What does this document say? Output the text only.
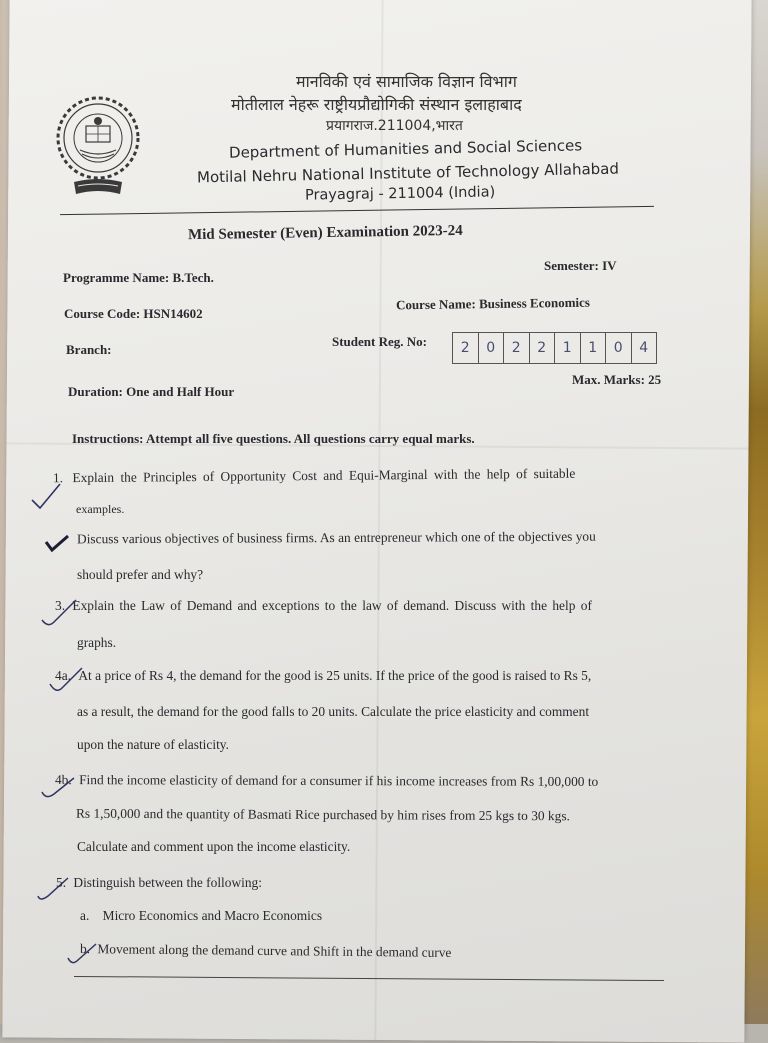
मानविकी एवं सामाजिक विज्ञान विभाग
मोतीलाल नेहरू राष्ट्रीयप्रौद्योगिकी संस्थान इलाहाबाद
प्रयागराज.211004,भारत
Department of Humanities and Social Sciences
Motilal Nehru National Institute of Technology Allahabad
Prayagraj - 211004 (India)
Mid Semester (Even) Examination 2023-24
Programme Name: B.Tech.
Semester: IV
Course Code: HSN14602
Course Name: Business Economics
Branch:
Student Reg. No:	2	0	2	2	1	1	0	4
Duration: One and Half Hour
Max. Marks: 25
Instructions: Attempt all five questions. All questions carry equal marks.
1. Explain the Principles of Opportunity Cost and Equi-Marginal with the help of suitable
examples.
Discuss various objectives of business firms. As an entrepreneur which one of the objectives you
should prefer and why?
3. Explain the Law of Demand and exceptions to the law of demand. Discuss with the help of
graphs.
4a. At a price of Rs 4, the demand for the good is 25 units. If the price of the good is raised to Rs 5,
as a result, the demand for the good falls to 20 units. Calculate the price elasticity and comment
upon the nature of elasticity.
4b. Find the income elasticity of demand for a consumer if his income increases from Rs 1,00,000 to
Rs 1,50,000 and the quantity of Basmati Rice purchased by him rises from 25 kgs to 30 kgs.
Calculate and comment upon the income elasticity.
5. Distinguish between the following:
a. Micro Economics and Macro Economics
b. Movement along the demand curve and Shift in the demand curve
